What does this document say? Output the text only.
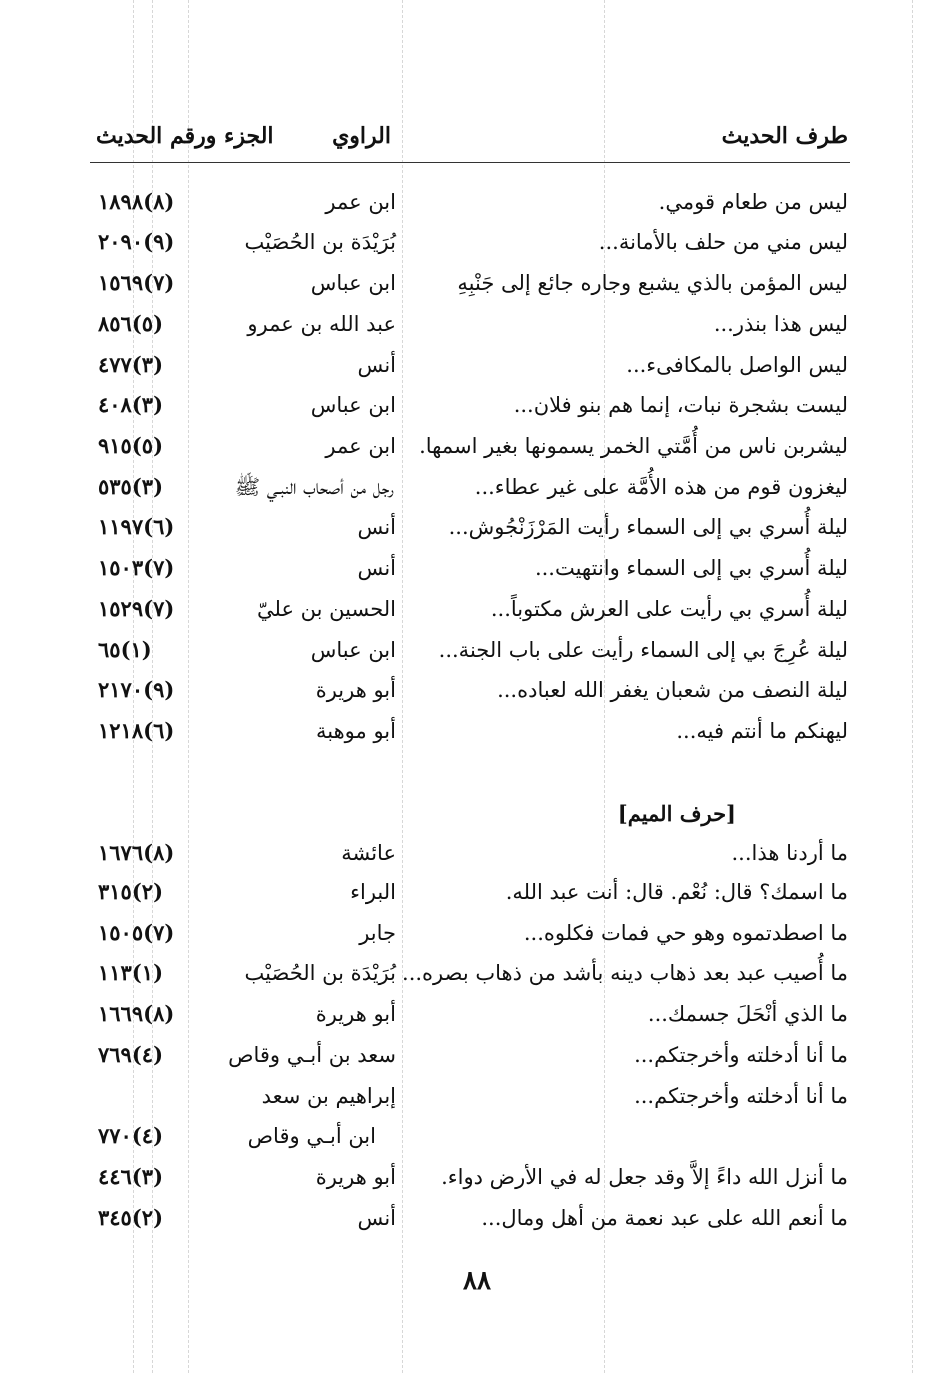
طرف الحديث
الراوي
الجزء ورقم الحديث
ليس من طعام قومي.
ابن عمر
(٨)١٨٩٨
ليس مني من حلف بالأمانة...
بُرَيْدَة بن الحُصَيْب
(٩)٢٠٩٠
ليس المؤمن بالذي يشبع وجاره جائع إلى جَنْبِهِ
ابن عباس
(٧)١٥٦٩
ليس هذا بنذر...
عبد الله بن عمرو
(٥)٨٥٦
ليس الواصل بالمكافىء...
أنس
(٣)٤٧٧
ليست بشجرة نبات، إنما هم بنو فلان...
ابن عباس
(٣)٤٠٨
ليشربن ناس من أُمَّتي الخمر يسمونها بغير اسمها.
ابن عمر
(٥)٩١٥
ليغزون قوم من هذه الأُمَّة على غير عطاء...
رجل من أصحاب النبـي ﷺ
(٣)٥٣٥
ليلة أُسري بي إلى السماء رأيت المَرْزَنْجُوش...
أنس
(٦)١١٩٧
ليلة أُسري بي إلى السماء وانتهيت...
أنس
(٧)١٥٠٣
ليلة أُسري بي رأيت على العرش مكتوباً...
الحسين بن عليّ
(٧)١٥٢٩
ليلة عُرِجَ بي إلى السماء رأيت على باب الجنة...
ابن عباس
(١)٦٥
ليلة النصف من شعبان يغفر الله لعباده...
أبو هريرة
(٩)٢١٧٠
ليهنكم ما أنتم فيه...
أبو موهبة
(٦)١٢١٨
[حرف الميم]
ما أردنا هذا...
عائشة
(٨)١٦٧٦
ما اسمك؟ قال: نُعْم. قال: أنت عبد الله.
البراء
(٢)٣١٥
ما اصطدتموه وهو حي فمات فكلوه...
جابر
(٧)١٥٠٥
ما أُصيب عبد بعد ذهاب دينه بأشد من ذهاب بصره...
بُرَيْدَة بن الحُصَيْب
(١)١١٣
ما الذي أنْحَلَ جسمك...
أبو هريرة
(٨)١٦٦٩
ما أنا أدخلته وأخرجتكم...
سعد بن أبـي وقاص
(٤)٧٦٩
ما أنا أدخلته وأخرجتكم...
إبراهيم بن سعد
ابن أبـي وقاص
(٤)٧٧٠
ما أنزل الله داءً إلاَّ وقد جعل له في الأرض دواء.
أبو هريرة
(٣)٤٤٦
ما أنعم الله على عبد نعمة من أهل ومال...
أنس
(٢)٣٤٥
٨٨
